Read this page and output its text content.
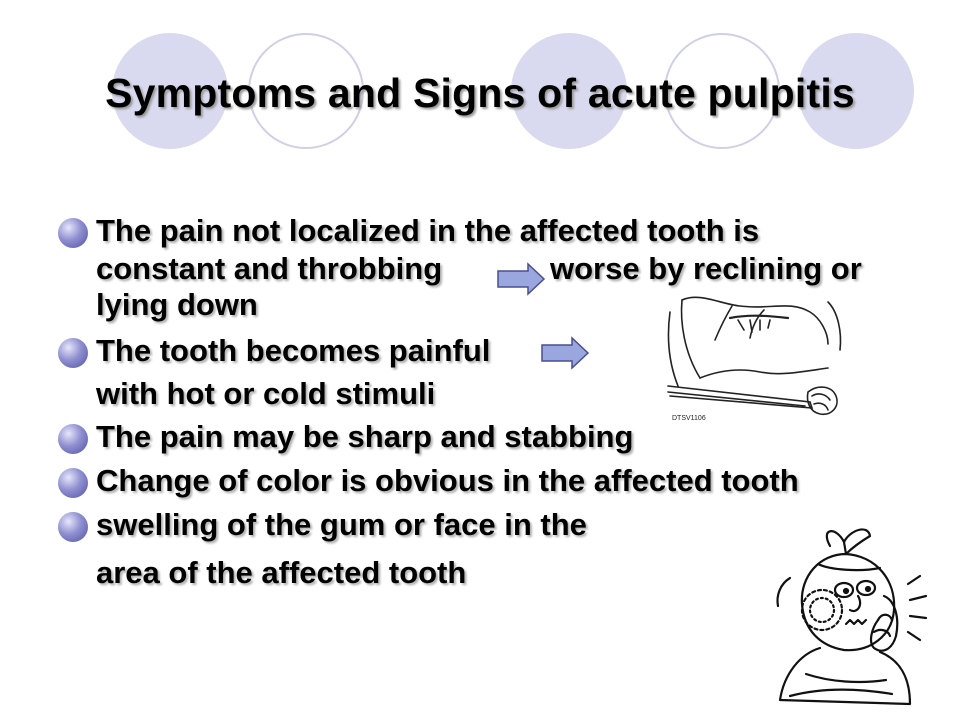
Symptoms and Signs of acute pulpitis
The pain not localized in the affected tooth is
constant and throbbing	worse by reclining or
lying down
The tooth becomes painful
with hot or cold stimuli
The pain may be sharp and stabbing
Change of color is obvious in the affected tooth
swelling of the gum or face in the
area of the affected tooth
DTSV1106
